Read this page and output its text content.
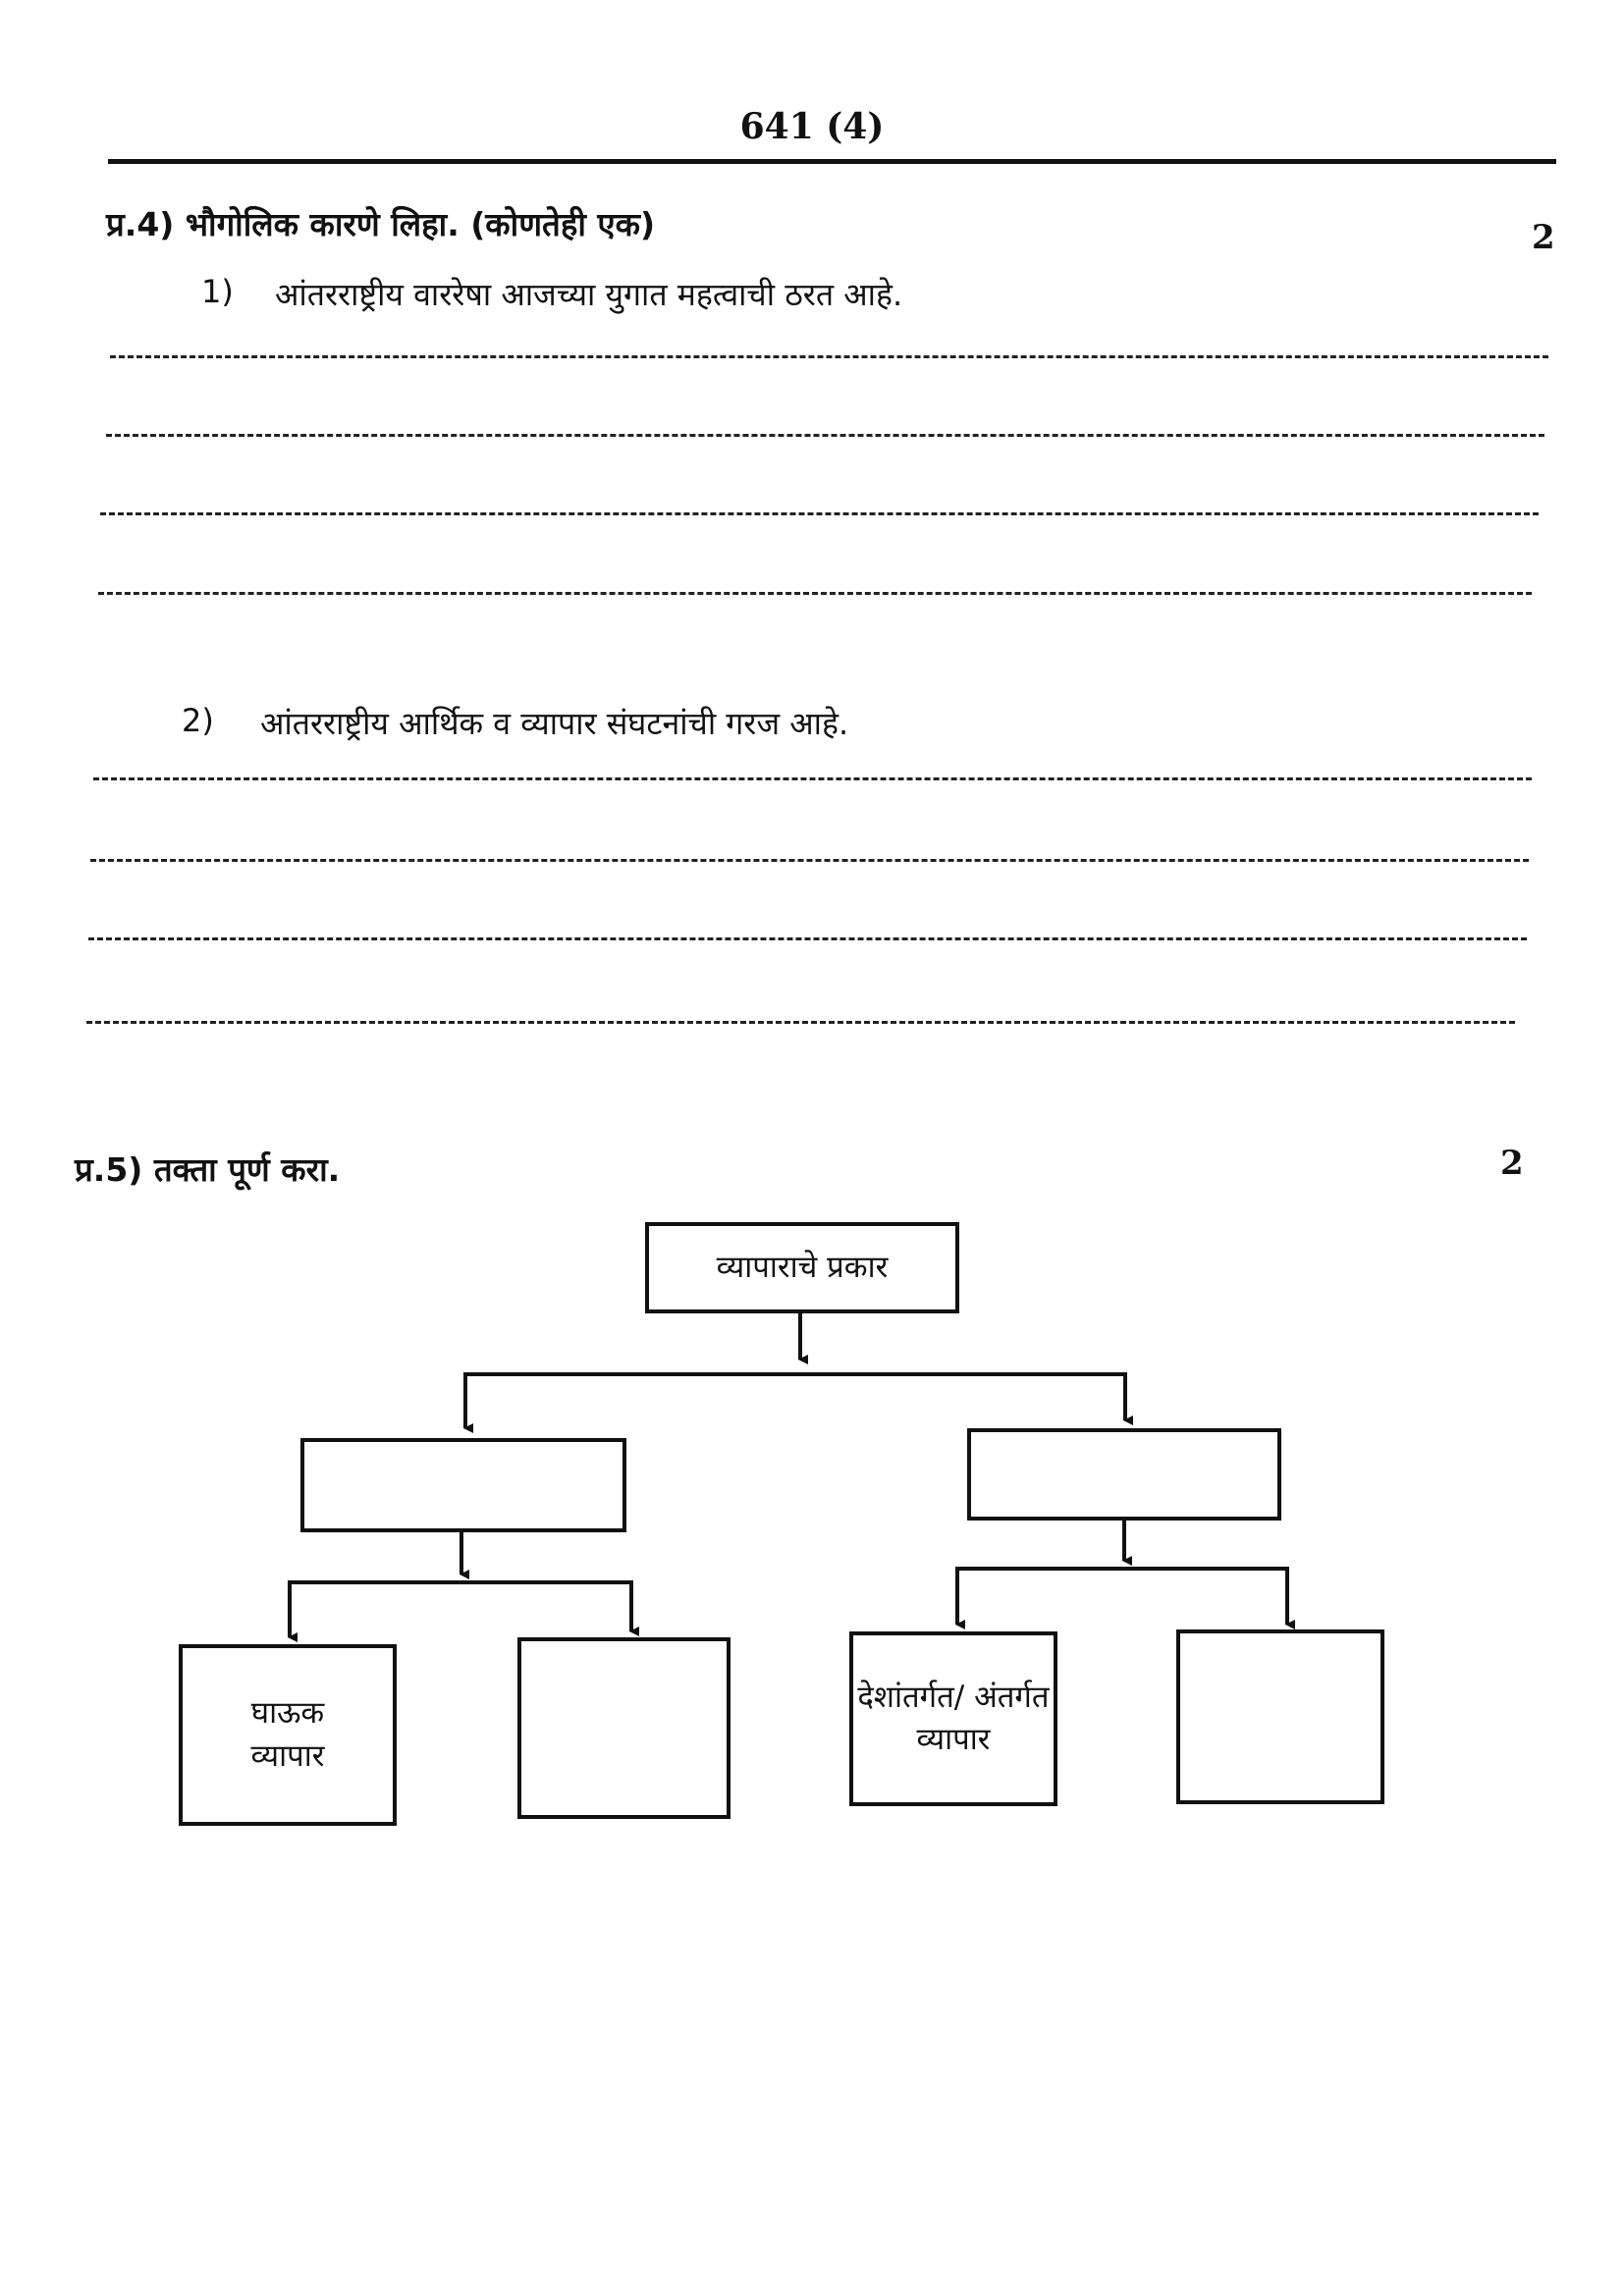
641 (4)
प्र.4) भौगोलिक कारणे लिहा. (कोणतेही एक)	2
1) आंतरराष्ट्रीय वाररेषा आजच्या युगात महत्वाची ठरत आहे.
2) आंतरराष्ट्रीय आर्थिक व व्यापार संघटनांची गरज आहे.
प्र.5) तक्ता पूर्ण करा.	2
व्यापाराचे प्रकार
घाऊक व्यापार
देशांतर्गत/ अंतर्गत व्यापार
